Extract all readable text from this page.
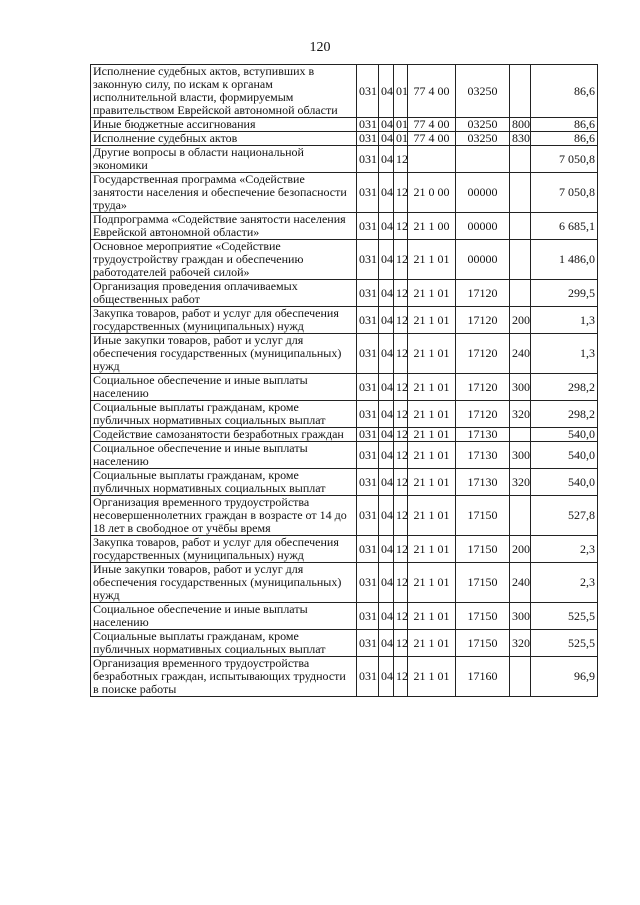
120
Исполнение судебных актов, вступивших в законную силу, по искам к органам исполнительной власти, формируемым правительством Еврейской автономной области	031	04	01	77 4 00	03250		86,6
Иные бюджетные ассигнования	031	04	01	77 4 00	03250	800	86,6
Исполнение судебных актов	031	04	01	77 4 00	03250	830	86,6
Другие вопросы в области национальной экономики	031	04	12				7 050,8
Государственная программа «Содействие занятости населения и обеспечение безопасности труда»	031	04	12	21 0 00	00000		7 050,8
Подпрограмма «Содействие занятости населения Еврейской автономной области»	031	04	12	21 1 00	00000		6 685,1
Основное мероприятие «Содействие трудоустройству граждан и обеспечению работодателей рабочей силой»	031	04	12	21 1 01	00000		1 486,0
Организация проведения оплачиваемых общественных работ	031	04	12	21 1 01	17120		299,5
Закупка товаров, работ и услуг для обеспечения государственных (муниципальных) нужд	031	04	12	21 1 01	17120	200	1,3
Иные закупки товаров, работ и услуг для обеспечения государственных (муниципальных) нужд	031	04	12	21 1 01	17120	240	1,3
Социальное обеспечение и иные выплаты населению	031	04	12	21 1 01	17120	300	298,2
Социальные выплаты гражданам, кроме публичных нормативных социальных выплат	031	04	12	21 1 01	17120	320	298,2
Содействие самозанятости безработных граждан	031	04	12	21 1 01	17130		540,0
Социальное обеспечение и иные выплаты населению	031	04	12	21 1 01	17130	300	540,0
Социальные выплаты гражданам, кроме публичных нормативных социальных выплат	031	04	12	21 1 01	17130	320	540,0
Организация временного трудоустройства несовершеннолетних граждан в возрасте от 14 до 18 лет в свободное от учёбы время	031	04	12	21 1 01	17150		527,8
Закупка товаров, работ и услуг для обеспечения государственных (муниципальных) нужд	031	04	12	21 1 01	17150	200	2,3
Иные закупки товаров, работ и услуг для обеспечения государственных (муниципальных) нужд	031	04	12	21 1 01	17150	240	2,3
Социальное обеспечение и иные выплаты населению	031	04	12	21 1 01	17150	300	525,5
Социальные выплаты гражданам, кроме публичных нормативных социальных выплат	031	04	12	21 1 01	17150	320	525,5
Организация временного трудоустройства безработных граждан, испытывающих трудности в поиске работы	031	04	12	21 1 01	17160		96,9
